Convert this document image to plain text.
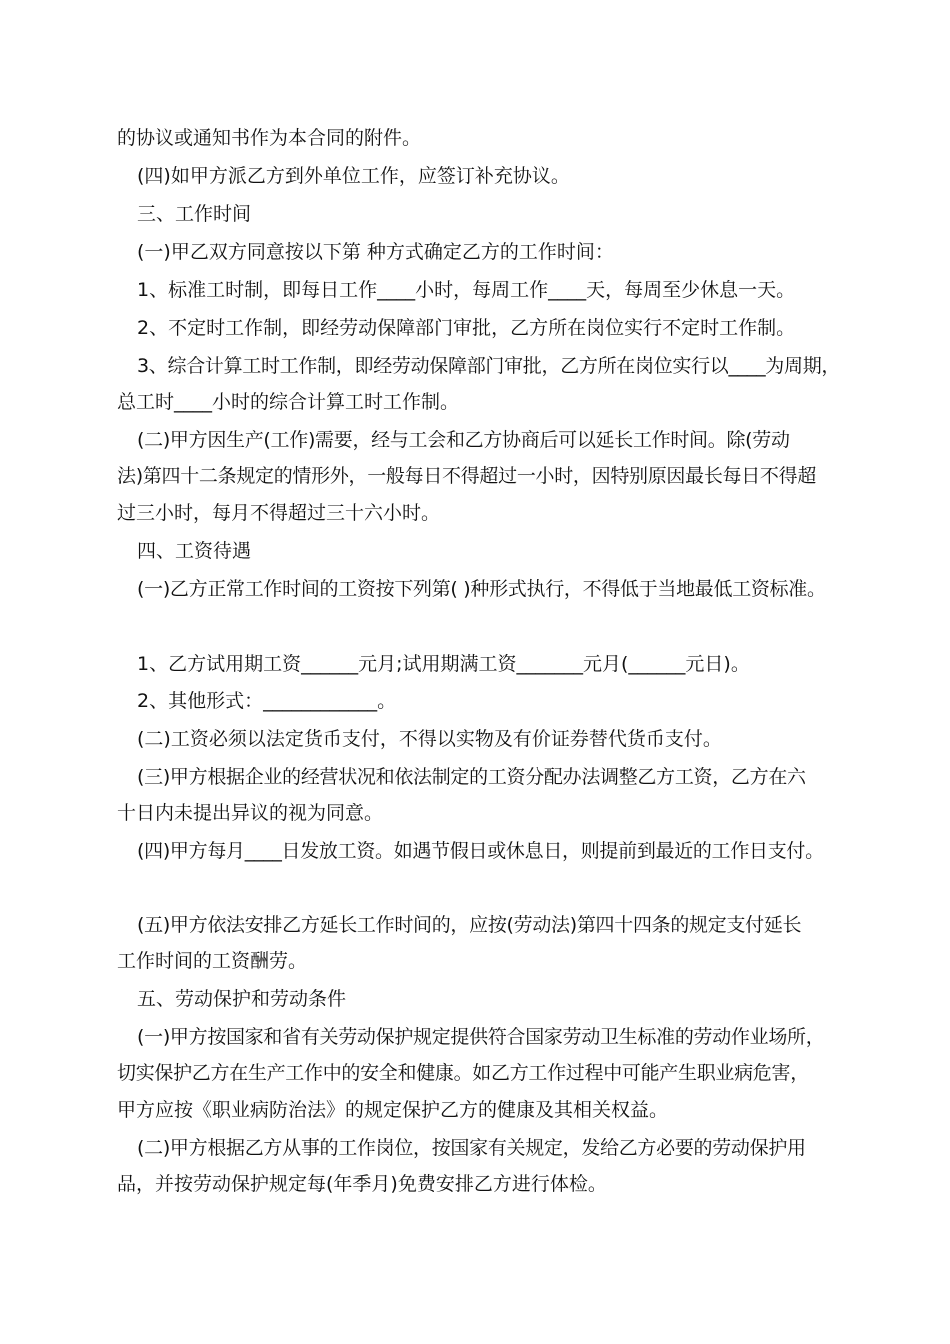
的协议或通知书作为本合同的附件。
(四)如甲方派乙方到外单位工作，应签订补充协议。
三、工作时间
(一)甲乙双方同意按以下第 种方式确定乙方的工作时间：
1、标准工时制，即每日工作____小时，每周工作____天，每周至少休息一天。
2、不定时工作制，即经劳动保障部门审批，乙方所在岗位实行不定时工作制。
3、综合计算工时工作制，即经劳动保障部门审批，乙方所在岗位实行以____为周期，
总工时____小时的综合计算工时工作制。
(二)甲方因生产(工作)需要，经与工会和乙方协商后可以延长工作时间。除(劳动
法)第四十二条规定的情形外，一般每日不得超过一小时，因特别原因最长每日不得超
过三小时，每月不得超过三十六小时。
四、工资待遇
(一)乙方正常工作时间的工资按下列第( )种形式执行，不得低于当地最低工资标准。
1、乙方试用期工资______元月;试用期满工资_______元月(______元日)。
2、其他形式：____________。
(二)工资必须以法定货币支付，不得以实物及有价证券替代货币支付。
(三)甲方根据企业的经营状况和依法制定的工资分配办法调整乙方工资，乙方在六
十日内未提出异议的视为同意。
(四)甲方每月____日发放工资。如遇节假日或休息日，则提前到最近的工作日支付。
(五)甲方依法安排乙方延长工作时间的，应按(劳动法)第四十四条的规定支付延长
工作时间的工资酬劳。
五、劳动保护和劳动条件
(一)甲方按国家和省有关劳动保护规定提供符合国家劳动卫生标准的劳动作业场所，
切实保护乙方在生产工作中的安全和健康。如乙方工作过程中可能产生职业病危害，
甲方应按《职业病防治法》的规定保护乙方的健康及其相关权益。
(二)甲方根据乙方从事的工作岗位，按国家有关规定，发给乙方必要的劳动保护用
品，并按劳动保护规定每(年季月)免费安排乙方进行体检。
